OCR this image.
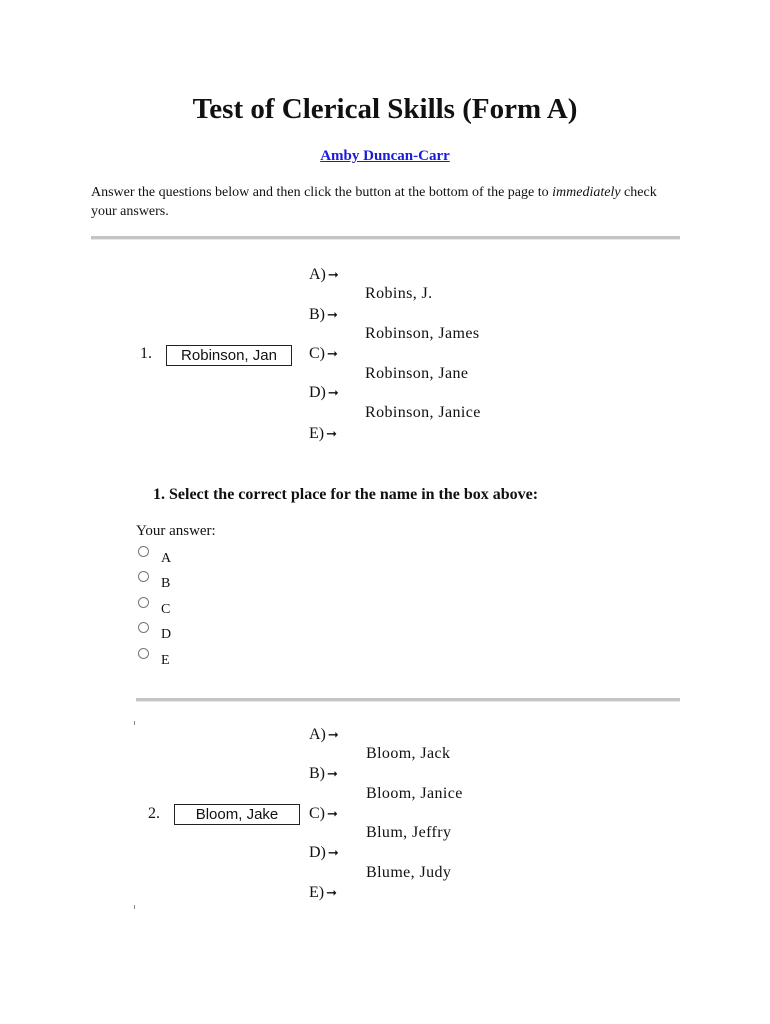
Test of Clerical Skills (Form A)
Amby Duncan-Carr
Answer the questions below and then click the button at the bottom of the page to immediately check your answers.
1.	Robinson, Jan
A) ➞
B) ➞
C) ➞
D) ➞
E) ➞
Robins, J.
Robinson, James
Robinson, Jane
Robinson, Janice
1. Select the correct place for the name in the box above:
Your answer:
A
B
C
D
E
2.	Bloom, Jake
A) ➞
B) ➞
C) ➞
D) ➞
E) ➞
Bloom, Jack
Bloom, Janice
Blum, Jeffry
Blume, Judy
